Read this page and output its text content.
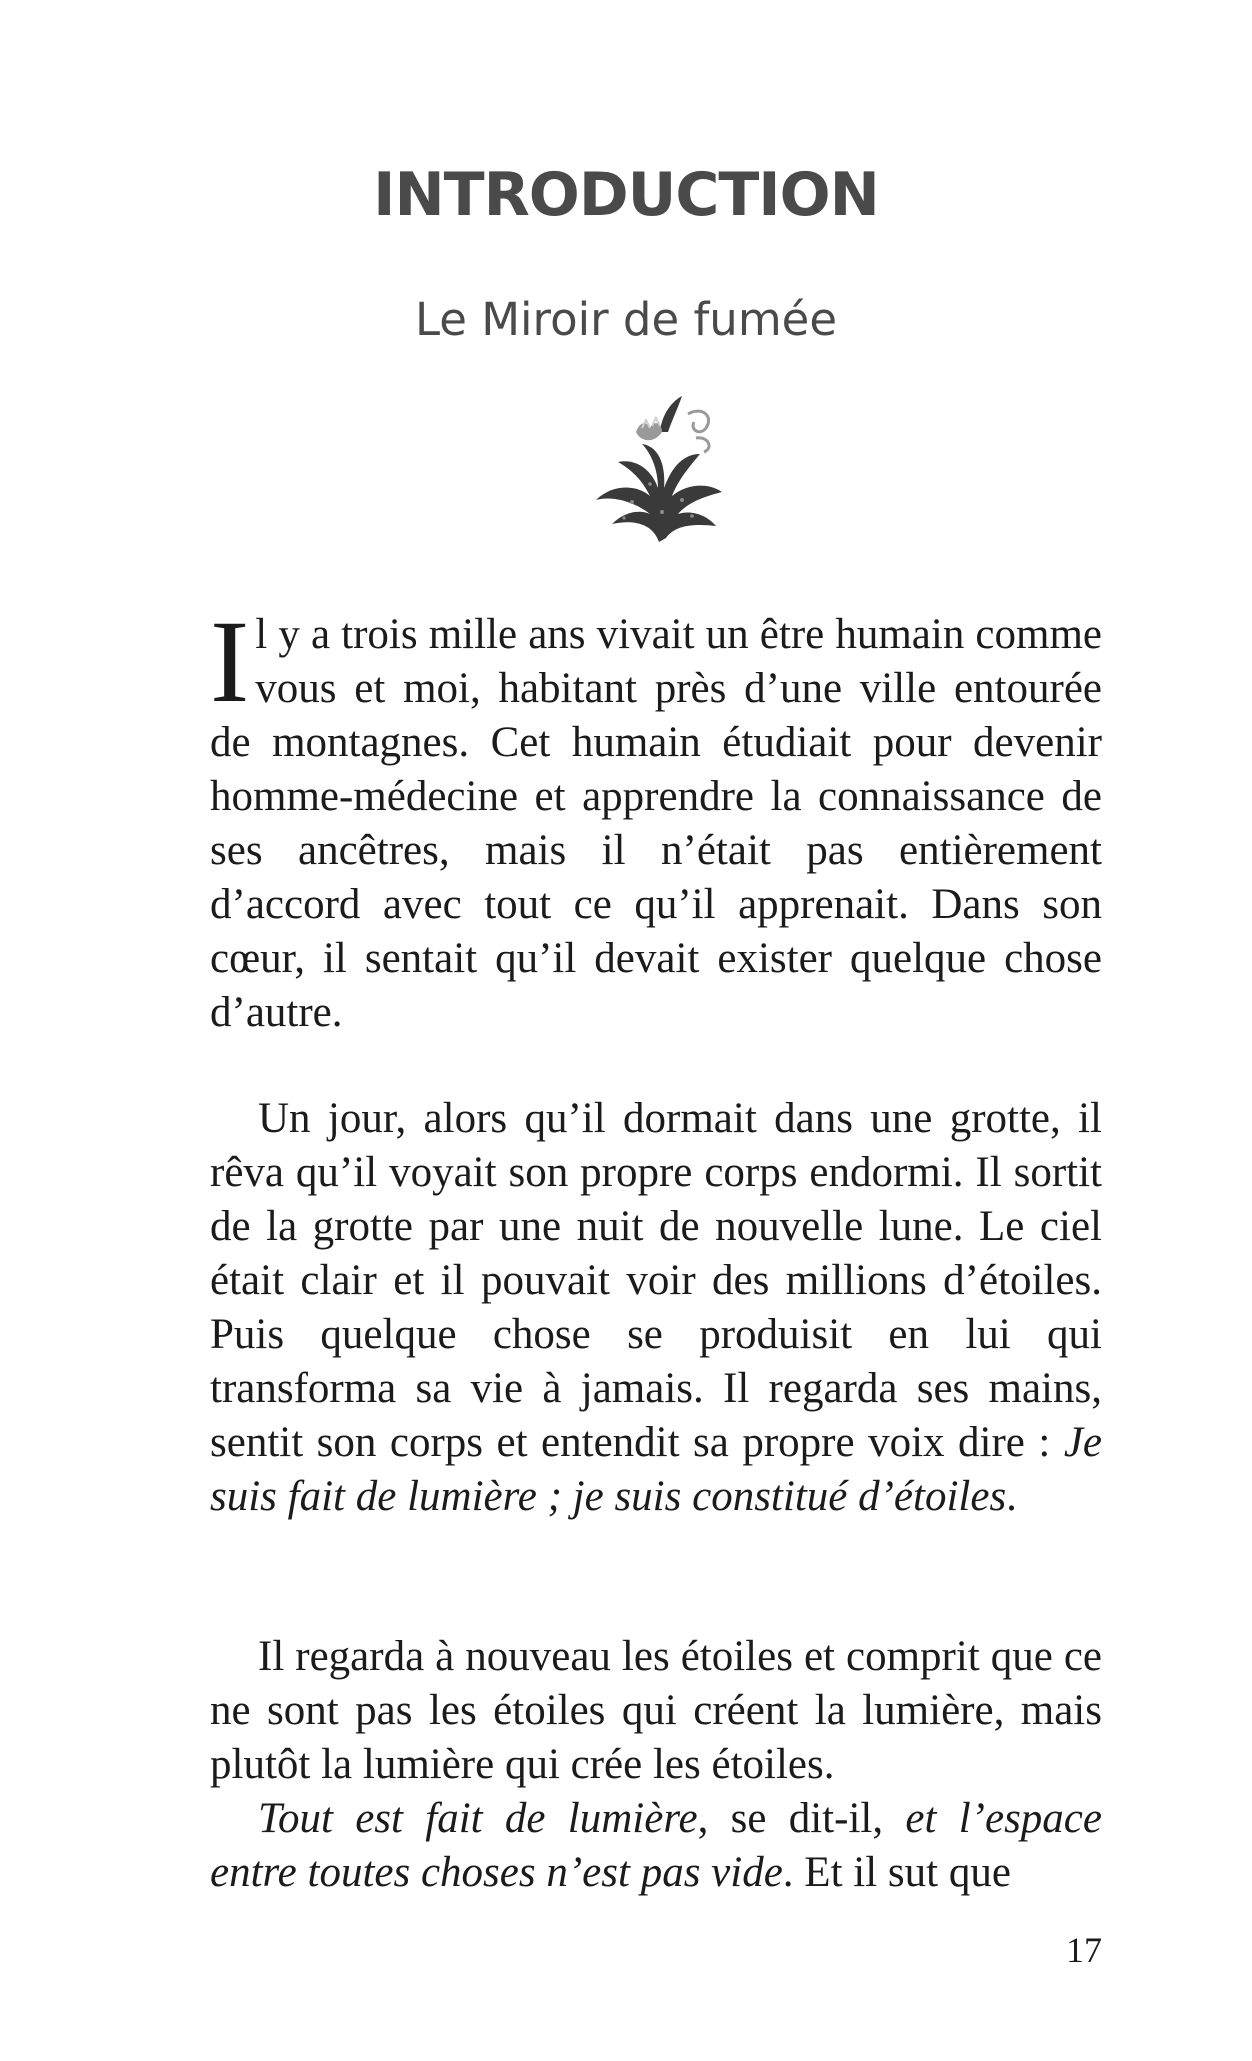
INTRODUCTION
Le Miroir de fumée

Il y a trois mille ans vivait un être humain comme vous et moi, habitant près d’une ville entourée de montagnes. Cet humain étudiait pour devenir homme-médecine et apprendre la connaissance de ses ancêtres, mais il n’était pas entièrement d’accord avec tout ce qu’il apprenait. Dans son cœur, il sentait qu’il devait exister quelque chose d’autre.

Un jour, alors qu’il dormait dans une grotte, il rêva qu’il voyait son propre corps endormi. Il sortit de la grotte par une nuit de nouvelle lune. Le ciel était clair et il pouvait voir des millions d’étoiles. Puis quelque chose se produisit en lui qui transforma sa vie à jamais. Il regarda ses mains, sentit son corps et entendit sa propre voix dire : Je suis fait de lumière ; je suis constitué d’étoiles.

Il regarda à nouveau les étoiles et comprit que ce ne sont pas les étoiles qui créent la lumière, mais plutôt la lumière qui crée les étoiles.

Tout est fait de lumière, se dit-il, et l’espace entre toutes choses n’est pas vide. Et il sut que

17
